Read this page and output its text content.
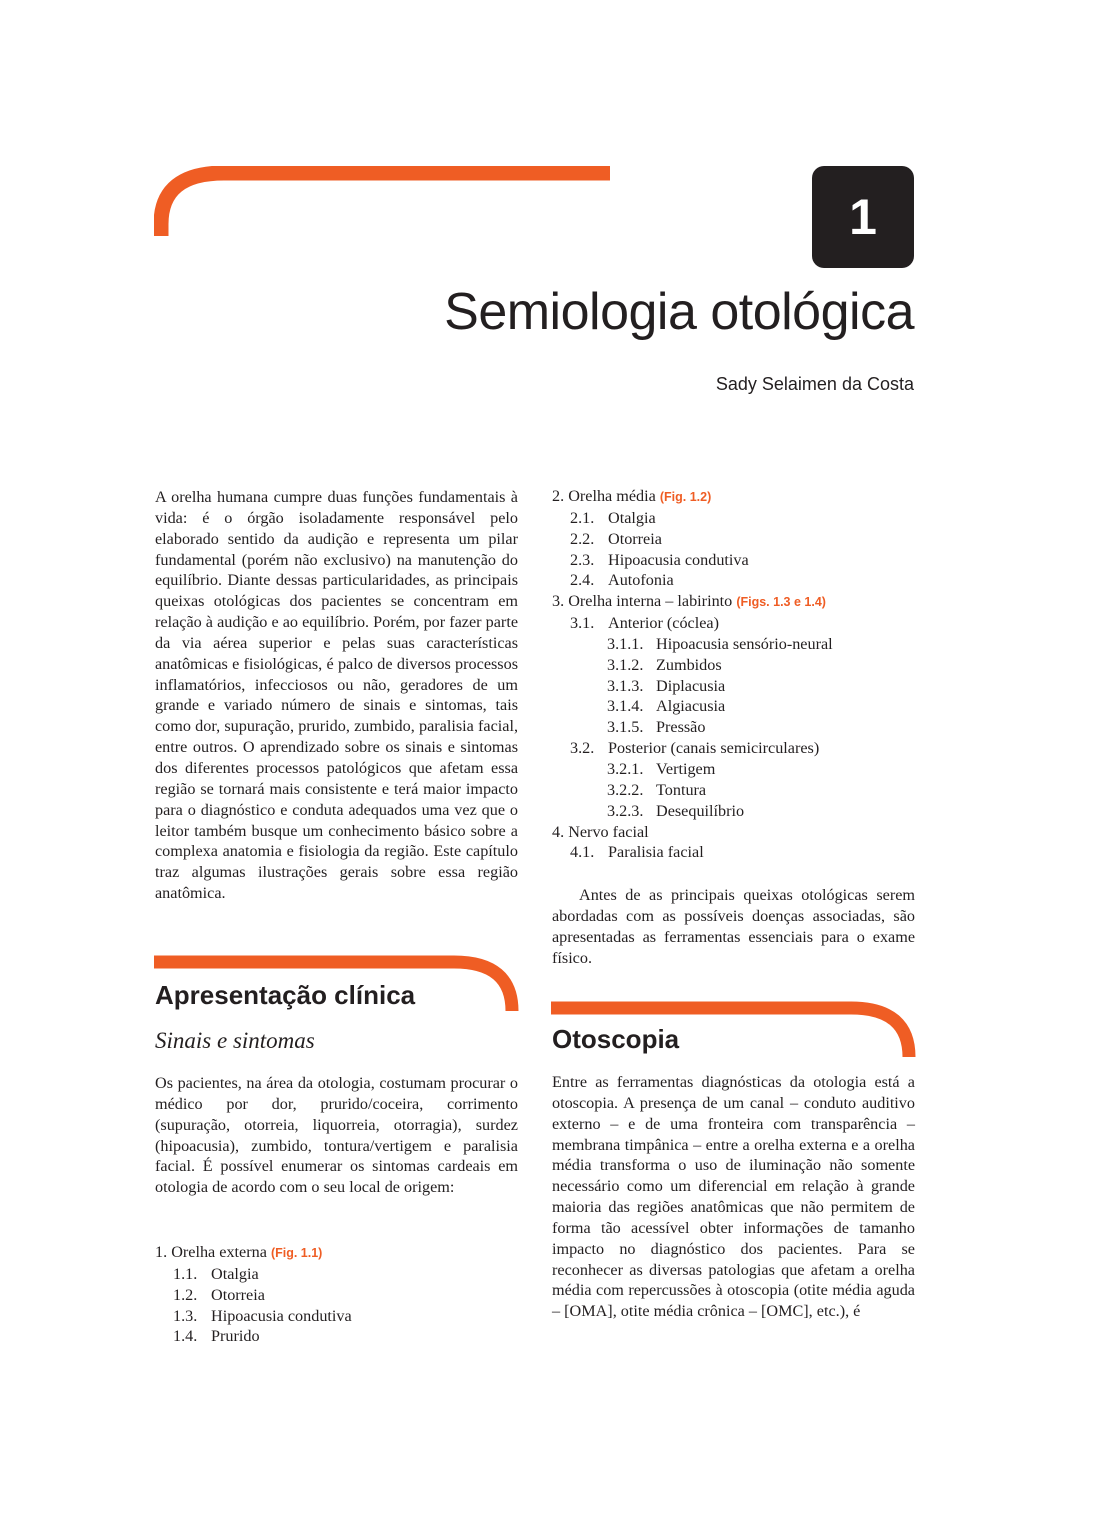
1
Semiologia otológica
Sady Selaimen da Costa

A orelha humana cumpre duas funções fundamentais à vida: é o órgão isoladamente responsável pelo elaborado sentido da audição e representa um pilar fundamental (porém não exclusivo) na manutenção do equilíbrio. Diante dessas particularidades, as principais queixas otológicas dos pacientes se concentram em relação à audição e ao equilíbrio. Porém, por fazer parte da via aérea superior e pelas suas características anatômicas e fisiológicas, é palco de diversos processos inflamatórios, infecciosos ou não, geradores de um grande e variado número de sinais e sintomas, tais como dor, supuração, prurido, zumbido, paralisia facial, entre outros. O aprendizado sobre os sinais e sintomas dos diferentes processos patológicos que afetam essa região se tornará mais consistente e terá maior impacto para o diagnóstico e conduta adequados uma vez que o leitor também busque um conhecimento básico sobre a complexa anatomia e fisiologia da região. Este capítulo traz algumas ilustrações gerais sobre essa região anatômica.

Apresentação clínica
Sinais e sintomas

Os pacientes, na área da otologia, costumam procurar o médico por dor, prurido/coceira, corrimento (supuração, otorreia, liquorreia, otorragia), surdez (hipoacusia), zumbido, tontura/vertigem e paralisia facial. É possível enumerar os sintomas cardeais em otologia de acordo com o seu local de origem:

1. Orelha externa (Fig. 1.1)
1.1. Otalgia
1.2. Otorreia
1.3. Hipoacusia condutiva
1.4. Prurido
2. Orelha média (Fig. 1.2)
2.1. Otalgia
2.2. Otorreia
2.3. Hipoacusia condutiva
2.4. Autofonia
3. Orelha interna – labirinto (Figs. 1.3 e 1.4)
3.1. Anterior (cóclea)
3.1.1. Hipoacusia sensório-neural
3.1.2. Zumbidos
3.1.3. Diplacusia
3.1.4. Algiacusia
3.1.5. Pressão
3.2. Posterior (canais semicirculares)
3.2.1. Vertigem
3.2.2. Tontura
3.2.3. Desequilíbrio
4. Nervo facial
4.1. Paralisia facial

Antes de as principais queixas otológicas serem abordadas com as possíveis doenças associadas, são apresentadas as ferramentas essenciais para o exame físico.

Otoscopia

Entre as ferramentas diagnósticas da otologia está a otoscopia. A presença de um canal – conduto auditivo externo – e de uma fronteira com transparência – membrana timpânica – entre a orelha externa e a orelha média transforma o uso de iluminação não somente necessário como um diferencial em relação à grande maioria das regiões anatômicas que não permitem de forma tão acessível obter informações de tamanho impacto no diagnóstico dos pacientes. Para se reconhecer as diversas patologias que afetam a orelha média com repercussões à otoscopia (otite média aguda – [OMA], otite média crônica – [OMC], etc.), é
